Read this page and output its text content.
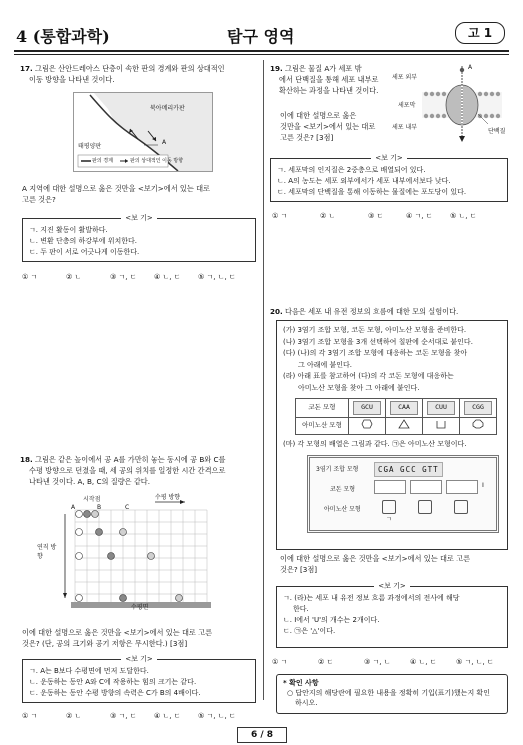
4 (통합과학)	탐구 영역	고 1
17. 그림은 산안드레아스 단층이 속한 판의 경계와 판의 상대적인
이동 방향을 나타낸 것이다.
북아메리카판
태평양판
A
판의 경계	판의 상대적인 이동 방향
A 지역에 대한 설명으로 옳은 것만을 <보기>에서 있는 대로
고른 것은?
<보 기>
ㄱ. 지진 활동이 활발하다.
ㄴ. 변환 단층의 하강부에 위치한다.
ㄷ. 두 판이 서로 어긋나게 이동한다.
① ㄱ	② ㄴ	③ ㄱ, ㄷ	④ ㄴ, ㄷ	⑤ ㄱ, ㄴ, ㄷ
18. 그림은 같은 높이에서 공 A를 가만히 놓는 동시에 공 B와 C를
수평 방향으로 던졌을 때, 세 공의 위치를 일정한 시간 간격으로
나타낸 것이다. A, B, C의 질량은 같다.
시작점	수평 방향
연직 방향
A	B	C
수평면
이에 대한 설명으로 옳은 것만을 <보기>에서 있는 대로 고른
것은? (단, 공의 크기와 공기 저항은 무시한다.) [3점]
<보 기>
ㄱ. A는 B보다 수평면에 먼저 도달한다.
ㄴ. 운동하는 동안 A와 C에 작용하는 힘의 크기는 같다.
ㄷ. 운동하는 동안 수평 방향의 속력은 C가 B의 4배이다.
① ㄱ	② ㄴ	③ ㄱ, ㄷ	④ ㄴ, ㄷ	⑤ ㄱ, ㄴ, ㄷ
19. 그림은 물질 A가 세포 밖
에서 단백질을 통해 세포 내부로
확산하는 과정을 나타낸 것이다.
이에 대한 설명으로 옳은
것만을 <보기>에서 있는 대로
고른 것은? [3점]
세포 외부
세포막
세포 내부
단백질
A
<보 기>
ㄱ. 세포막의 인지질은 2중층으로 배열되어 있다.
ㄴ. A의 농도는 세포 외부에서가 세포 내부에서보다 낮다.
ㄷ. 세포막의 단백질을 통해 이동하는 물질에는 포도당이 있다.
① ㄱ	② ㄴ	③ ㄷ	④ ㄱ, ㄷ	⑤ ㄴ, ㄷ
20. 다음은 세포 내 유전 정보의 흐름에 대한 모의 실험이다.
(가) 3염기 조합 모형, 코돈 모형, 아미노산 모형을 준비한다.
(나) 3염기 조합 모형을 3개 선택하여 칠판에 순서대로 붙인다.
(다) (나)의 각 3염기 조합 모형에 대응하는 코돈 모형을 찾아
그 아래에 붙인다.
(라) 아래 표를 참고하여 (다)의 각 코돈 모형에 대응하는
아미노산 모형을 찾아 그 아래에 붙인다.
코돈 모형	GCU	CAA	CUU	CGG
아미노산 모형				
(마) 각 모형의 배열은 그림과 같다. ㉠은 아미노산 모형이다.
3염기 조합 모형	CGA GCC GTT
코돈 모형
I
아미노산 모형
ㄱ
이에 대한 설명으로 옳은 것만을 <보기>에서 있는 대로 고른
것은? [3점]
<보 기>
ㄱ. (라)는 세포 내 유전 정보 흐름 과정에서의 전사에 해당
한다.
ㄴ. I에서 'U'의 개수는 2개이다.
ㄷ. ㉠은 '△'이다.
① ㄱ	② ㄷ	③ ㄱ, ㄴ	④ ㄴ, ㄷ	⑤ ㄱ, ㄴ, ㄷ
* 확인 사항
○ 답안지의 해당란에 필요한 내용을 정확히 기입(표기)했는지 확인
하시오.
6 / 8
